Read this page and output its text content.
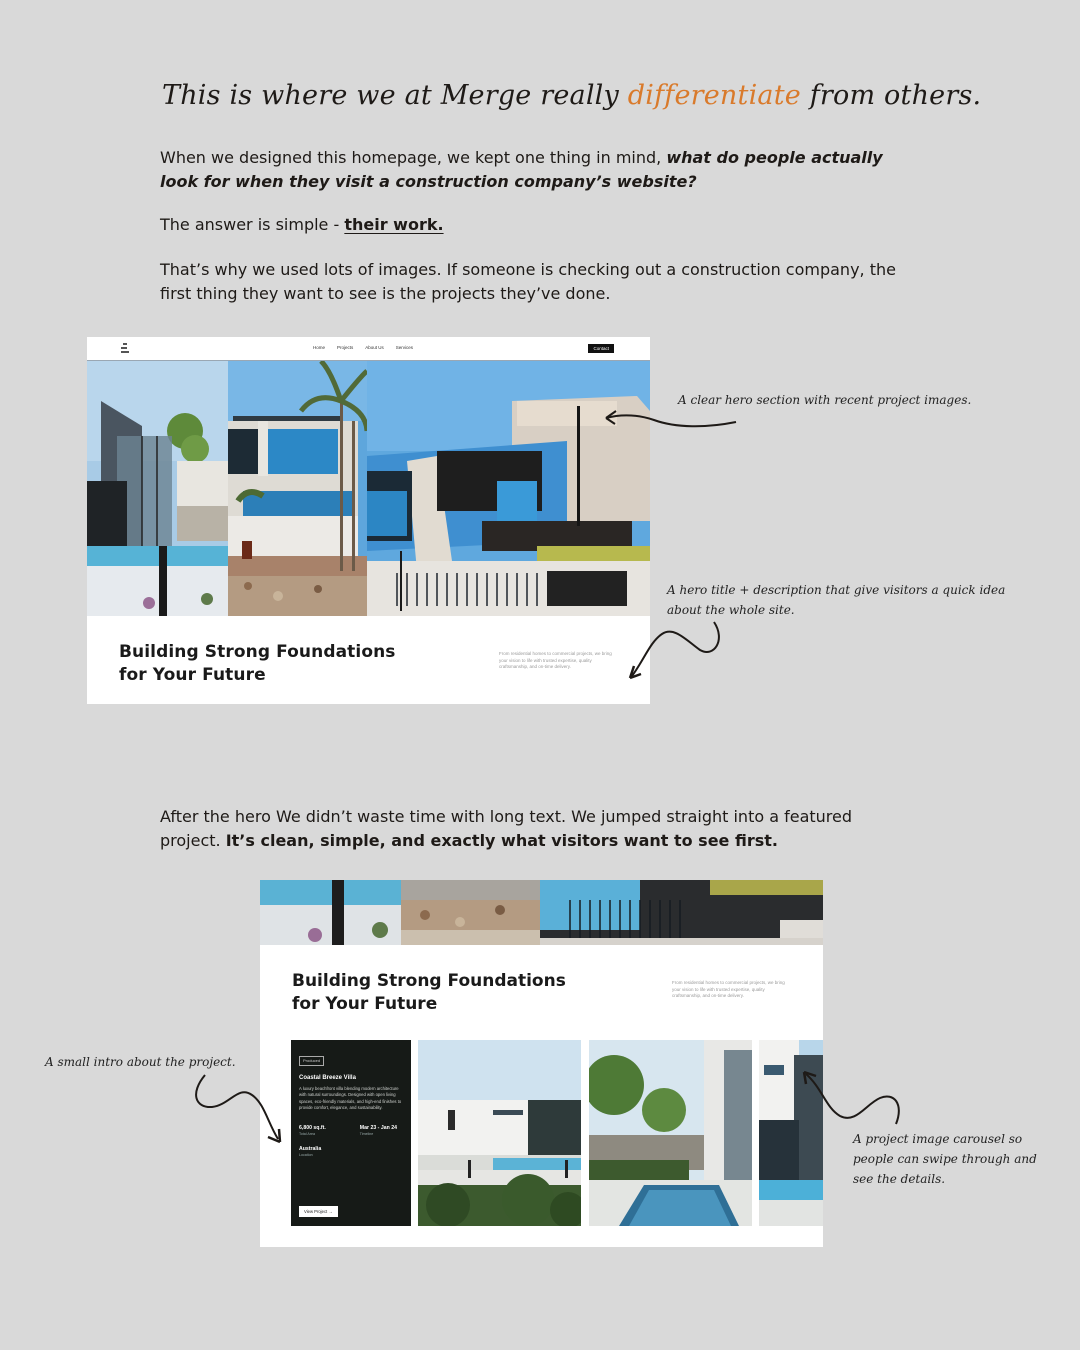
This is where we at Merge really differentiate from others.

When we designed this homepage, we kept one thing in mind, what do people actually look for when they visit a construction company’s website?

The answer is simple - their work.

That’s why we used lots of images. If someone is checking out a construction company, the first thing they want to see is the projects they’ve done.

Home	Projects	About Us	Services	Contact
Building Strong Foundations
for Your Future
From residential homes to commercial projects, we bring your vision to life with trusted expertise, quality craftsmanship, and on-time delivery.
A clear hero section with recent project images.
A hero title + description that give visitors a quick idea about the whole site.

After the hero We didn’t waste time with long text. We jumped straight into a featured project. It’s clean, simple, and exactly what visitors want to see first.

Building Strong Foundations
for Your Future
From residential homes to commercial projects, we bring your vision to life with trusted expertise, quality craftsmanship, and on-time delivery.
Produced
Coastal Breeze Villa
A luxury beachfront villa blending modern architecture with natural surroundings. Designed with open living spaces, eco-friendly materials, and high-end finishes to provide comfort, elegance, and sustainability.
6,800 sq.ft.
Total Area
Mar 23 - Jan 24
Timeline
Australia
Location
View Project →
A small intro about the project.
A project image carousel so people can swipe through and see the details.
